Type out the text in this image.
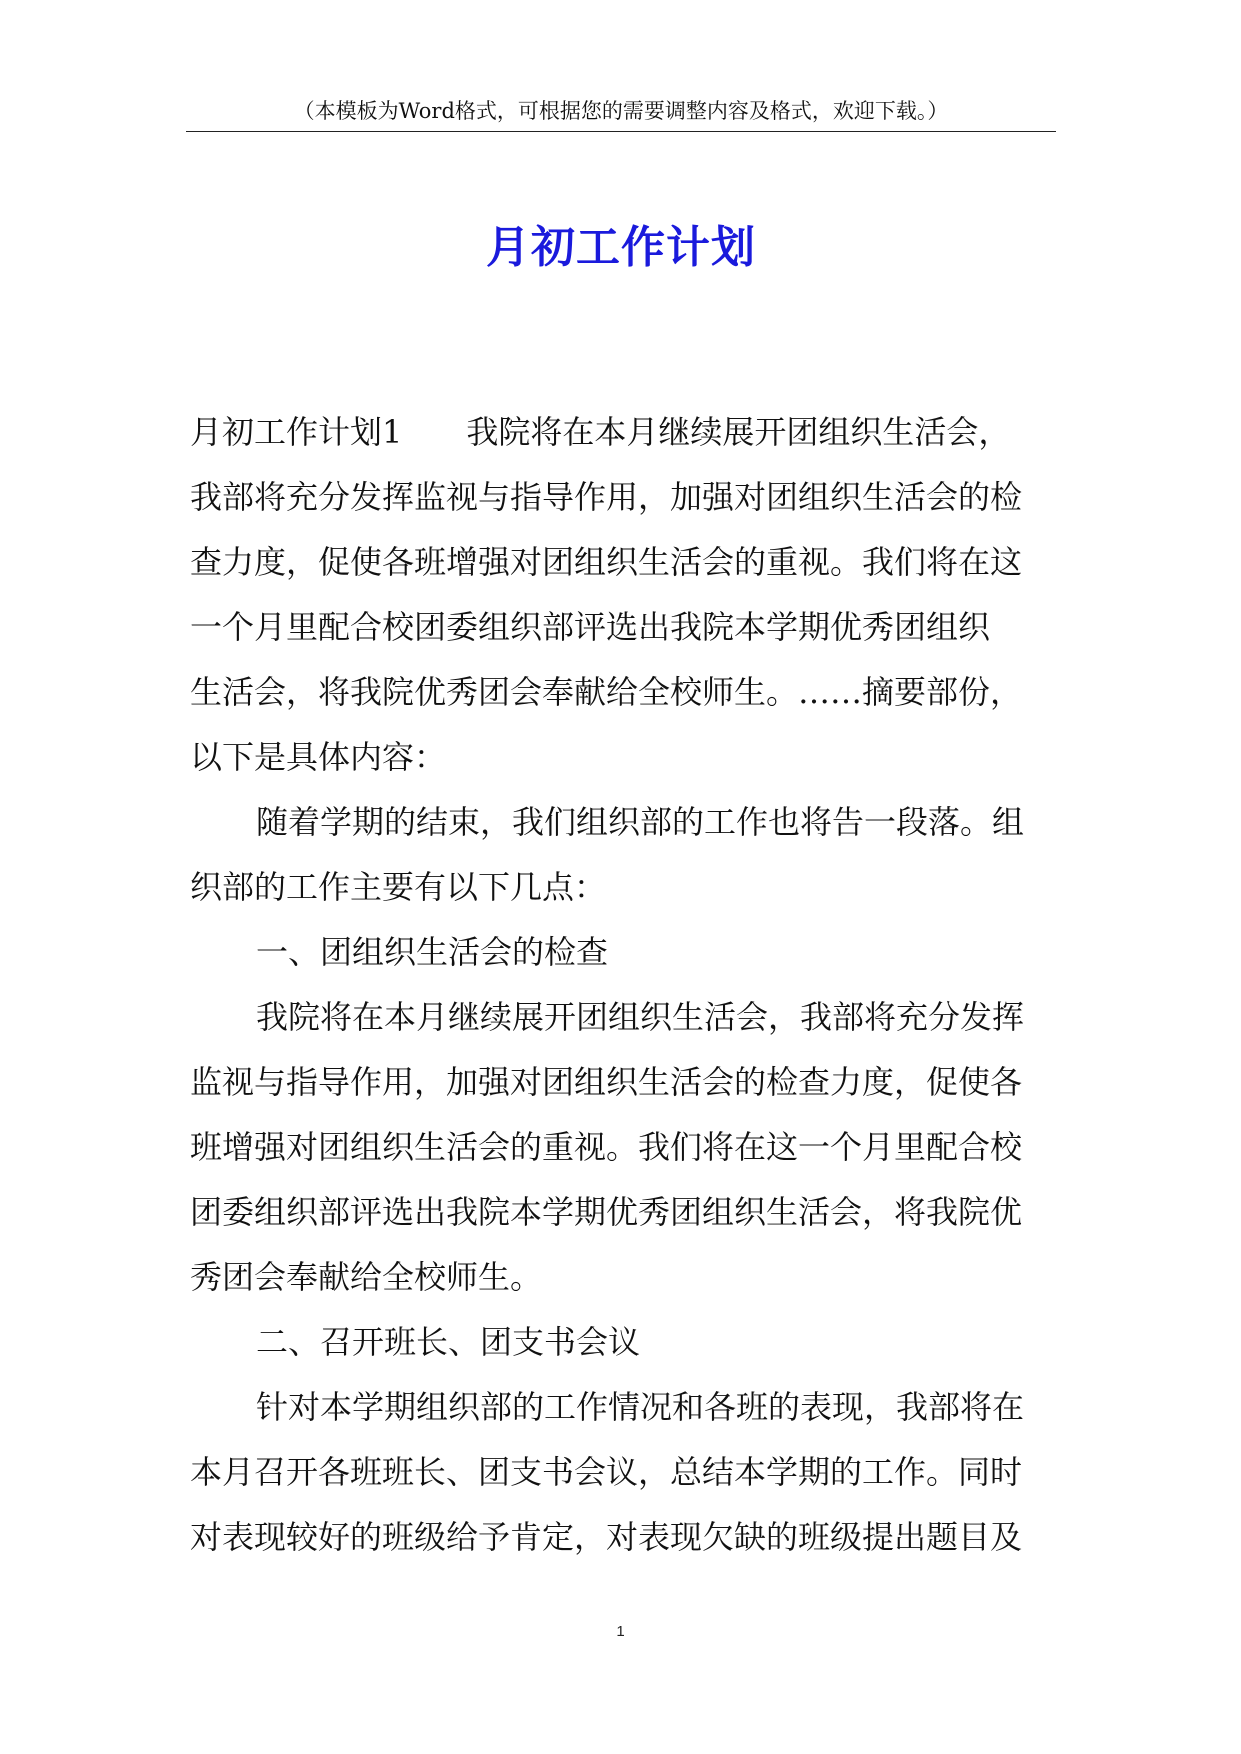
（本模板为Word格式，可根据您的需要调整内容及格式，欢迎下载。）
月初工作计划
月初工作计划1 我院将在本月继续展开团组织生活会，
我部将充分发挥监视与指导作用，加强对团组织生活会的检
查力度，促使各班增强对团组织生活会的重视。我们将在这
一个月里配合校团委组织部评选出我院本学期优秀团组织
生活会，将我院优秀团会奉献给全校师生。……摘要部份，
以下是具体内容：
随着学期的结束，我们组织部的工作也将告一段落。组
织部的工作主要有以下几点：
一、团组织生活会的检查
我院将在本月继续展开团组织生活会，我部将充分发挥
监视与指导作用，加强对团组织生活会的检查力度，促使各
班增强对团组织生活会的重视。我们将在这一个月里配合校
团委组织部评选出我院本学期优秀团组织生活会，将我院优
秀团会奉献给全校师生。
二、召开班长、团支书会议
针对本学期组织部的工作情况和各班的表现，我部将在
本月召开各班班长、团支书会议，总结本学期的工作。同时
对表现较好的班级给予肯定，对表现欠缺的班级提出题目及
1
